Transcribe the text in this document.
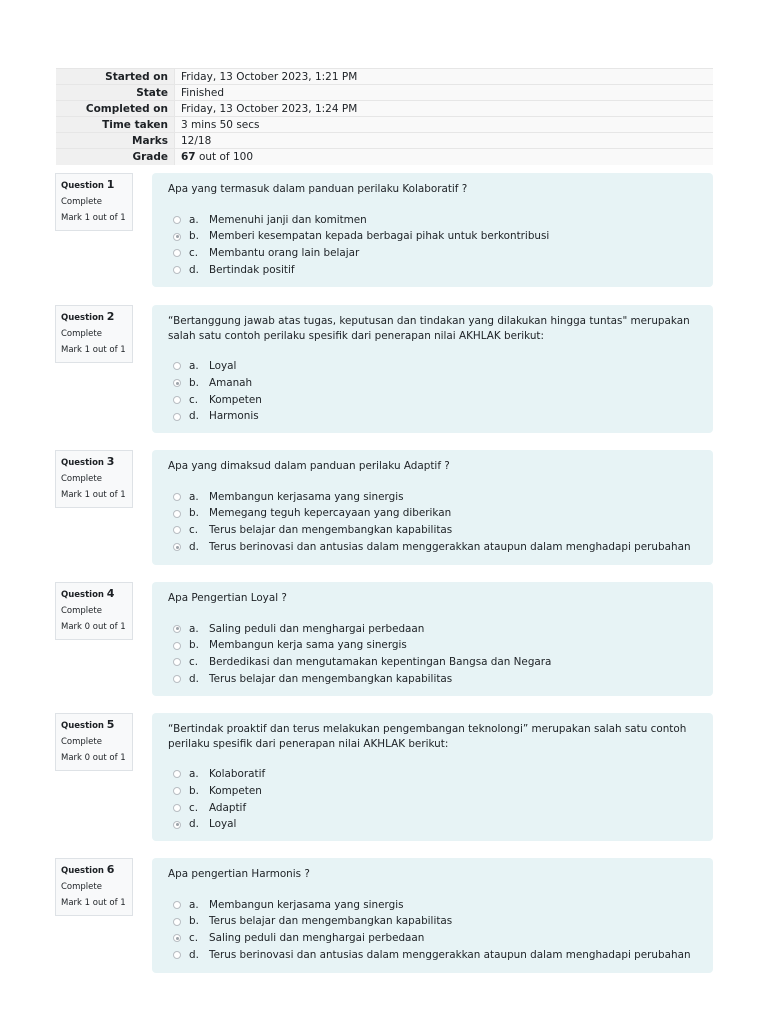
Started on	Friday, 13 October 2023, 1:21 PM
State	Finished
Completed on	Friday, 13 October 2023, 1:24 PM
Time taken	3 mins 50 secs
Marks	12/18
Grade	67 out of 100
Question 1
Complete
Mark 1 out of 1
Apa yang termasuk dalam panduan perilaku Kolaboratif ?
a. Memenuhi janji dan komitmen
b. Memberi kesempatan kepada berbagai pihak untuk berkontribusi
c.	Membantu orang lain belajar
d. Bertindak positif
Question 2
Complete
Mark 1 out of 1
“Bertanggung jawab atas tugas, keputusan dan tindakan yang dilakukan hingga tuntas" merupakan salah satu contoh perilaku spesifik dari penerapan nilai AKHLAK berikut:
a. Loyal
b. Amanah
c.	Kompeten
d. Harmonis
Question 3
Complete
Mark 1 out of 1
Apa yang dimaksud dalam panduan perilaku Adaptif ?
a. Membangun kerjasama yang sinergis
b. Memegang teguh kepercayaan yang diberikan
c.	Terus belajar dan mengembangkan kapabilitas
d. Terus berinovasi dan antusias dalam menggerakkan ataupun dalam menghadapi perubahan
Question 4
Complete
Mark 0 out of 1
Apa Pengertian Loyal ?
a. Saling peduli dan menghargai perbedaan
b. Membangun kerja sama yang sinergis
c.	Berdedikasi dan mengutamakan kepentingan Bangsa dan Negara
d. Terus belajar dan mengembangkan kapabilitas
Question 5
Complete
Mark 0 out of 1
“Bertindak proaktif dan terus melakukan pengembangan teknolongi” merupakan salah satu contoh perilaku spesifik dari penerapan nilai AKHLAK berikut:
a. Kolaboratif
b. Kompeten
c.	Adaptif
d. Loyal
Question 6
Complete
Mark 1 out of 1
Apa pengertian Harmonis ?
a. Membangun kerjasama yang sinergis
b. Terus belajar dan mengembangkan kapabilitas
c.	Saling peduli dan menghargai perbedaan
d. Terus berinovasi dan antusias dalam menggerakkan ataupun dalam menghadapi perubahan
